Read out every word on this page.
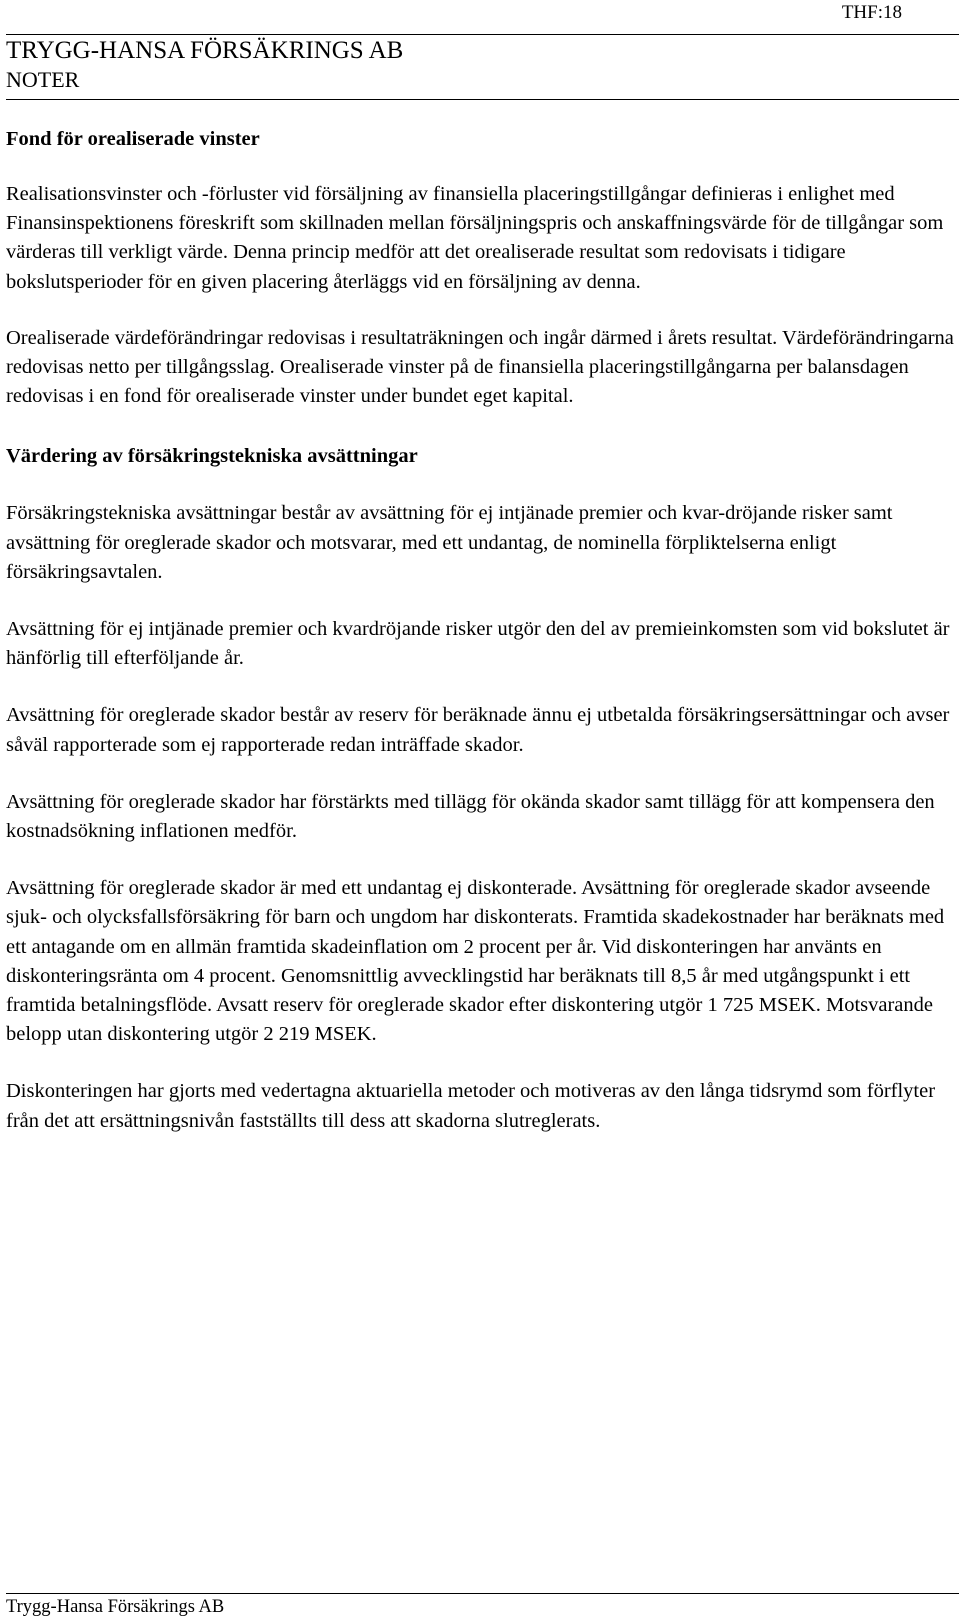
THF:18
TRYGG-HANSA FÖRSÄKRINGS AB
NOTER
Fond för orealiserade vinster

Realisationsvinster och -förluster vid försäljning av finansiella placeringstillgångar definieras i enlighet med Finansinspektionens föreskrift som skillnaden mellan försäljningspris och anskaffningsvärde för de tillgångar som värderas till verkligt värde. Denna princip medför att det orealiserade resultat som redovisats i tidigare bokslutsperioder för en given placering återläggs vid en försäljning av denna.

Orealiserade värdeförändringar redovisas i resultaträkningen och ingår därmed i årets resultat. Värdeförändringarna redovisas netto per tillgångsslag. Orealiserade vinster på de finansiella placeringstillgångarna per balansdagen redovisas i en fond för orealiserade vinster under bundet eget kapital.

Värdering av försäkringstekniska avsättningar

Försäkringstekniska avsättningar består av avsättning för ej intjänade premier och kvar-dröjande risker samt avsättning för oreglerade skador och motsvarar, med ett undantag, de nominella förpliktelserna enligt försäkringsavtalen.

Avsättning för ej intjänade premier och kvardröjande risker utgör den del av premieinkomsten som vid bokslutet är hänförlig till efterföljande år.

Avsättning för oreglerade skador består av reserv för beräknade ännu ej utbetalda försäkringsersättningar och avser såväl rapporterade som ej rapporterade redan inträffade skador.

Avsättning för oreglerade skador har förstärkts med tillägg för okända skador samt tillägg för att kompensera den kostnadsökning inflationen medför.

Avsättning för oreglerade skador är med ett undantag ej diskonterade. Avsättning för oreglerade skador avseende sjuk- och olycksfallsförsäkring för barn och ungdom har diskonterats. Framtida skadekostnader har beräknats med ett antagande om en allmän framtida skadeinflation om 2 procent per år. Vid diskonteringen har använts en diskonteringsränta om 4 procent. Genomsnittlig avvecklingstid har beräknats till 8,5 år med utgångspunkt i ett framtida betalningsflöde. Avsatt reserv för oreglerade skador efter diskontering utgör 1 725 MSEK. Motsvarande belopp utan diskontering utgör 2 219 MSEK.

Diskonteringen har gjorts med vedertagna aktuariella metoder och motiveras av den långa tidsrymd som förflyter från det att ersättningsnivån fastställts till dess att skadorna slutreglerats.

Trygg-Hansa Försäkrings AB
